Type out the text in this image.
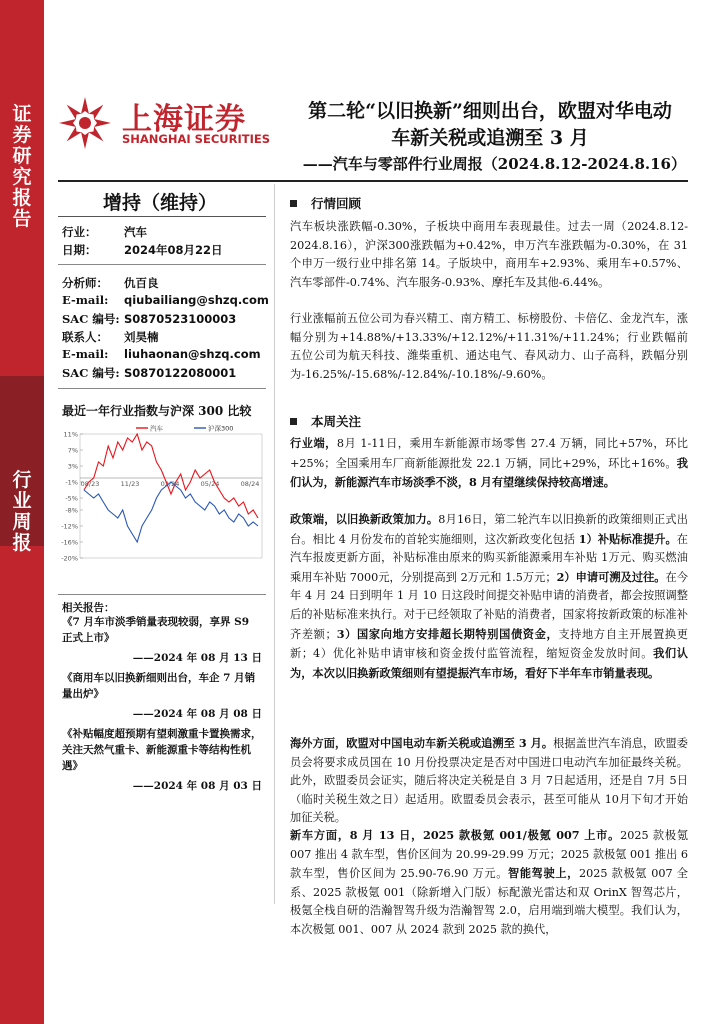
证券研究报告
行业周报
上海证券
SHANGHAI SECURITIES
第二轮“以旧换新”细则出台，欧盟对华电动
车新关税或追溯至 3 月
——汽车与零部件行业周报（2024.8.12-2024.8.16）
增持（维持）
行业： 汽车
日期： 2024年08月22日
分析师： 仇百良
E-mail: qiubailiang@shzq.com
SAC 编号: S0870523100003
联系人： 刘昊楠
E-mail: liuhaonan@shzq.com
SAC 编号: S0870122080001
最近一年行业指数与沪深 300 比较
11%
7%
3%
-1%
-5%
-8%
-12%
-16%
-20%
08/23	11/23	02/24	05/24	08/24
汽车	沪深300
相关报告：
《7 月车市淡季销量表现较弱，享界 S9 正式上市》
——2024 年 08 月 13 日
《商用车以旧换新细则出台，车企 7 月销量出炉》
——2024 年 08 月 08 日
《补贴幅度超预期有望刺激重卡置换需求，关注天然气重卡、新能源重卡等结构性机遇》
——2024 年 08 月 03 日
行情回顾
汽车板块涨跌幅-0.30%，子板块中商用车表现最佳。过去一周（2024.8.12-2024.8.16），沪深300涨跌幅为+0.42%，申万汽车涨跌幅为-0.30%，在 31 个申万一级行业中排名第 14。子版块中，商用车+2.93%、乘用车+0.57%、汽车零部件-0.74%、汽车服务-0.93%、摩托车及其他-6.44%。
行业涨幅前五位公司为春兴精工、南方精工、标榜股份、卡倍亿、金龙汽车，涨幅分别为+14.88%/+13.33%/+12.12%/+11.31%/+11.24%；行业跌幅前五位公司为航天科技、潍柴重机、通达电气、春风动力、山子高科，跌幅分别为-16.25%/-15.68%/-12.84%/-10.18%/-9.60%。
本周关注
行业端，8月 1-11日，乘用车新能源市场零售 27.4 万辆，同比+57%，环比+25%；全国乘用车厂商新能源批发 22.1 万辆，同比+29%，环比+16%。我们认为，新能源汽车市场淡季不淡，8 月有望继续保持较高增速。
政策端，以旧换新政策加力。8月16日，第二轮汽车以旧换新的政策细则正式出台。相比 4 月份发布的首轮实施细则，这次新政变化包括 1）补贴标准提升。在汽车报废更新方面，补贴标准由原来的购买新能源乘用车补贴 1万元、购买燃油乘用车补贴 7000元，分别提高到 2万元和 1.5万元；2）申请可溯及过往。在今年 4 月 24 日到明年 1 月 10 日这段时间提交补贴申请的消费者，都会按照调整后的补贴标准来执行。对于已经领取了补贴的消费者，国家将按新政策的标准补齐差额；3）国家向地方安排超长期特别国债资金，支持地方自主开展置换更新；4）优化补贴申请审核和资金拨付监管流程，缩短资金发放时间。我们认为，本次以旧换新政策细则有望提振汽车市场，看好下半年车市销量表现。
海外方面，欧盟对中国电动车新关税或追溯至 3 月。根据盖世汽车消息，欧盟委员会将要求成员国在 10 月份投票决定是否对中国进口电动汽车加征最终关税。此外，欧盟委员会证实，随后将决定关税是自 3 月 7日起适用，还是自 7月 5日（临时关税生效之日）起适用。欧盟委员会表示，甚至可能从 10月下旬才开始加征关税。
新车方面，8 月 13 日，2025 款极氪 001/极氪 007 上市。2025 款极氪 007 推出 4 款车型，售价区间为 20.99-29.99 万元；2025 款极氪 001 推出 6 款车型，售价区间为 25.90-76.90 万元。智能驾驶上，2025 款极氪 007 全系、2025 款极氪 001（除新增入门版）标配激光雷达和双 OrinX 智驾芯片，极氪全栈自研的浩瀚智驾升级为浩瀚智驾 2.0，启用端到端大模型。我们认为，本次极氪 001、007 从 2024 款到 2025 款的换代，
